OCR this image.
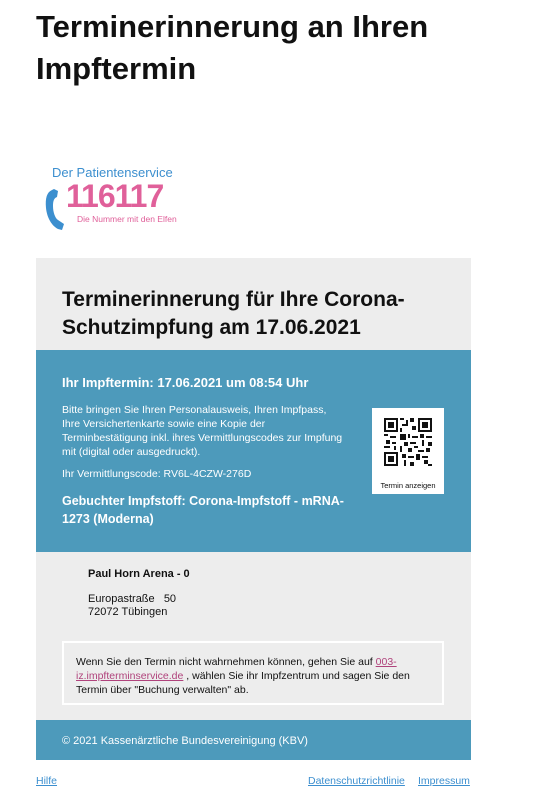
Terminerinnerung an Ihren Impftermin
Der Patientenservice
116117
Die Nummer mit den Elfen
Terminerinnerung für Ihre Corona-Schutzimpfung am 17.06.2021
Ihr Impftermin: 17.06.2021 um 08:54 Uhr
Bitte bringen Sie Ihren Personalausweis, Ihren Impfpass, Ihre Versichertenkarte sowie eine Kopie der Terminbestätigung inkl. ihres Vermittlungscodes zur Impfung mit (digital oder ausgedruckt).
Ihr Vermittlungscode: RV6L-4CZW-276D
Gebuchter Impfstoff: Corona-Impfstoff - mRNA-1273 (Moderna)
Termin anzeigen
Paul Horn Arena - 0
Europastraße   50
72072 Tübingen
Wenn Sie den Termin nicht wahrnehmen können, gehen Sie auf 003-iz.impfterminservice.de , wählen Sie ihr Impfzentrum und sagen Sie den Termin über "Buchung verwalten" ab.
© 2021 Kassenärztliche Bundesvereinigung (KBV)
Hilfe	Datenschutzrichtlinie Impressum
